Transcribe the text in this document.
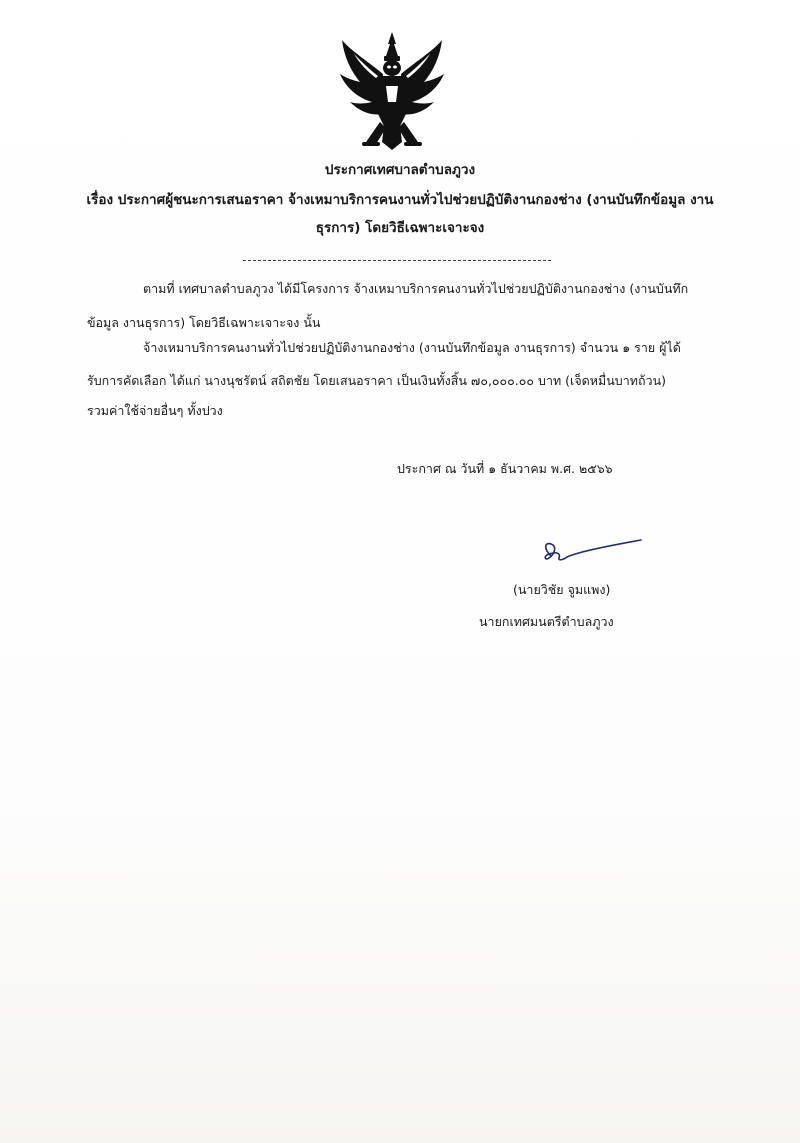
ประกาศเทศบาลตำบลภูวง
เรื่อง ประกาศผู้ชนะการเสนอราคา จ้างเหมาบริการคนงานทั่วไปช่วยปฏิบัติงานกองช่าง (งานบันทึกข้อมูล งาน
ธุรการ) โดยวิธีเฉพาะเจาะจง
ตามที่ เทศบาลตำบลภูวง ได้มีโครงการ จ้างเหมาบริการคนงานทั่วไปช่วยปฏิบัติงานกองช่าง (งานบันทึก
ข้อมูล งานธุรการ) โดยวิธีเฉพาะเจาะจง นั้น
จ้างเหมาบริการคนงานทั่วไปช่วยปฏิบัติงานกองช่าง (งานบันทึกข้อมูล งานธุรการ) จำนวน ๑ ราย ผู้ได้
รับการคัดเลือก ได้แก่ นางนุชรัตน์ สถิตชัย โดยเสนอราคา เป็นเงินทั้งสิ้น ๗๐,๐๐๐.๐๐ บาท (เจ็ดหมื่นบาทถ้วน)
รวมค่าใช้จ่ายอื่นๆ ทั้งปวง
ประกาศ ณ วันที่ ๑ ธันวาคม พ.ศ. ๒๕๖๖
(นายวิชัย จูมแพง)
นายกเทศมนตรีตำบลภูวง
